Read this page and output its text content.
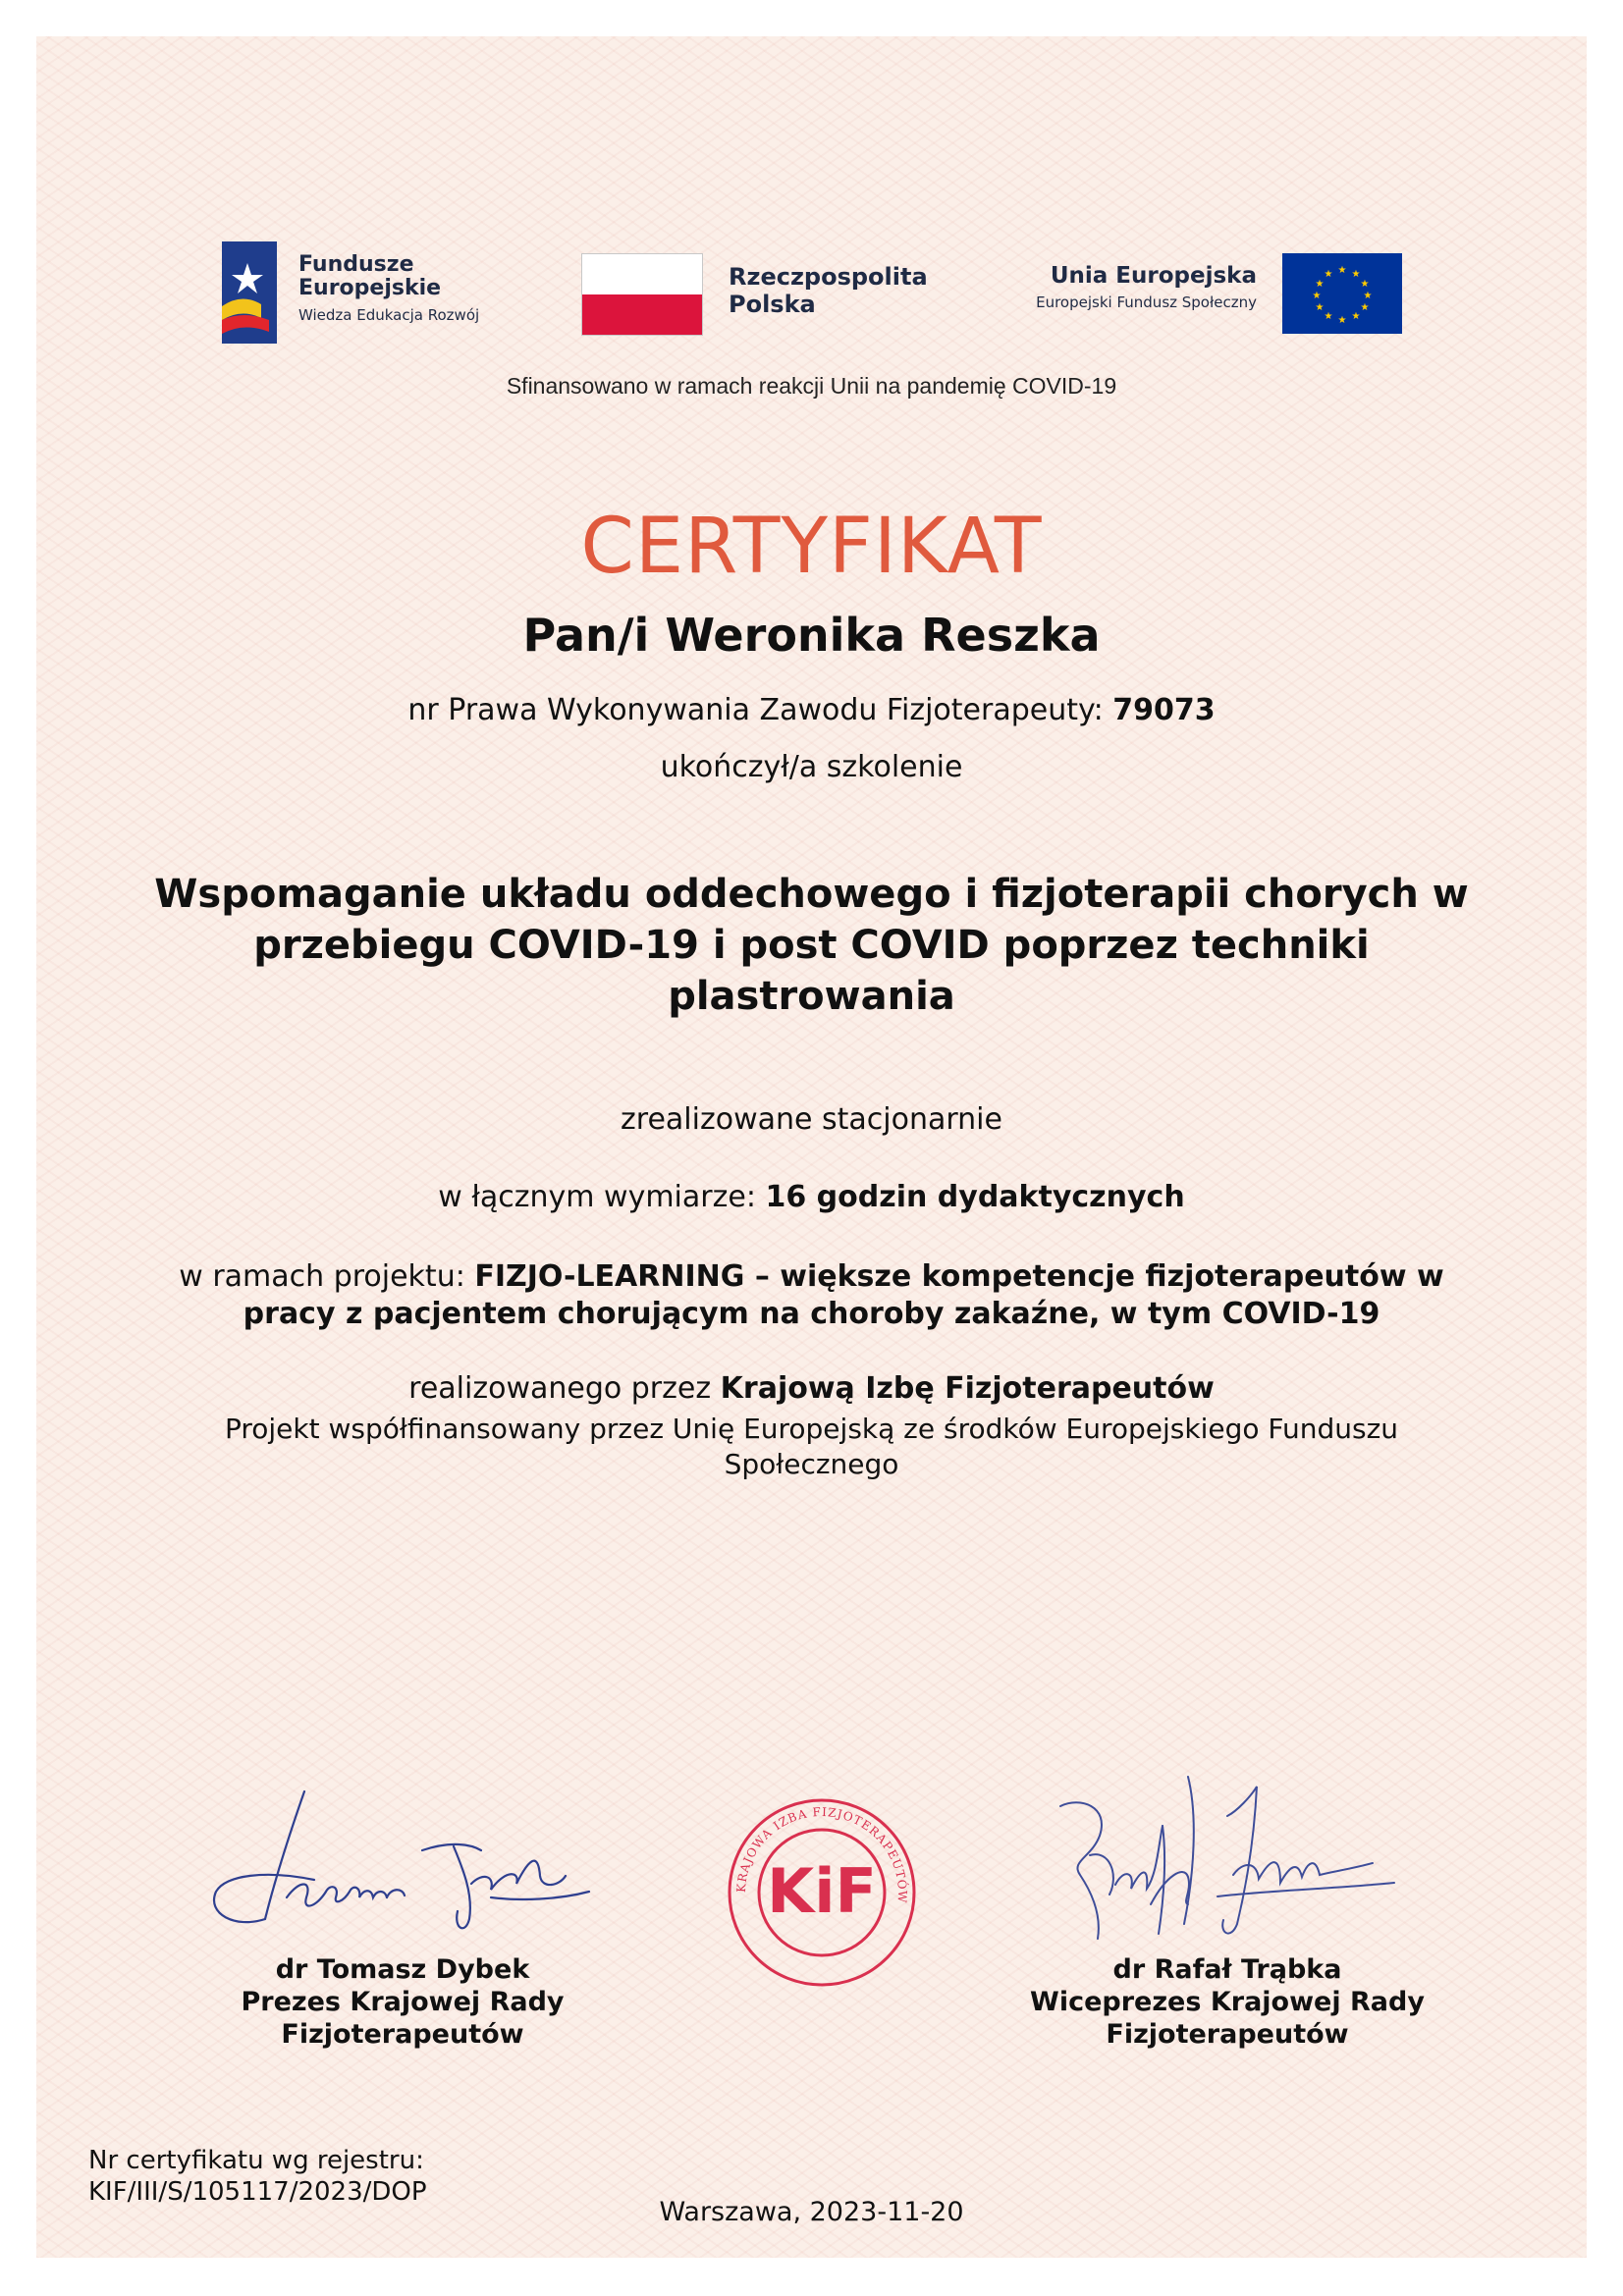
Fundusze
Europejskie
Wiedza Edukacja Rozwój
Rzeczpospolita
Polska
Unia Europejska
Europejski Fundusz Społeczny
★ ★
★
★
★
★
★
★
★
★
★
★
Sfinansowano w ramach reakcji Unii na pandemię COVID-19
CERTYFIKAT
Pan/i Weronika Reszka
nr Prawa Wykonywania Zawodu Fizjoterapeuty: 79073
ukończył/a szkolenie
Wspomaganie układu oddechowego i fizjoterapii chorych w
przebiegu COVID-19 i post COVID poprzez techniki
plastrowania
zrealizowane stacjonarnie
w łącznym wymiarze: 16 godzin dydaktycznych
w ramach projektu: FIZJO-LEARNING – większe kompetencje fizjoterapeutów w
pracy z pacjentem chorującym na choroby zakaźne, w tym COVID-19
realizowanego przez Krajową Izbę Fizjoterapeutów
Projekt współfinansowany przez Unię Europejską ze środków Europejskiego Funduszu
Społecznego
KRAJOWA IZBA FIZJOTERAPEUTÓW
KiF
dr Tomasz Dybek
Prezes Krajowej Rady
Fizjoterapeutów
dr Rafał Trąbka
Wiceprezes Krajowej Rady
Fizjoterapeutów
Nr certyfikatu wg rejestru:
KIF/III/S/105117/2023/DOP
Warszawa, 2023-11-20
